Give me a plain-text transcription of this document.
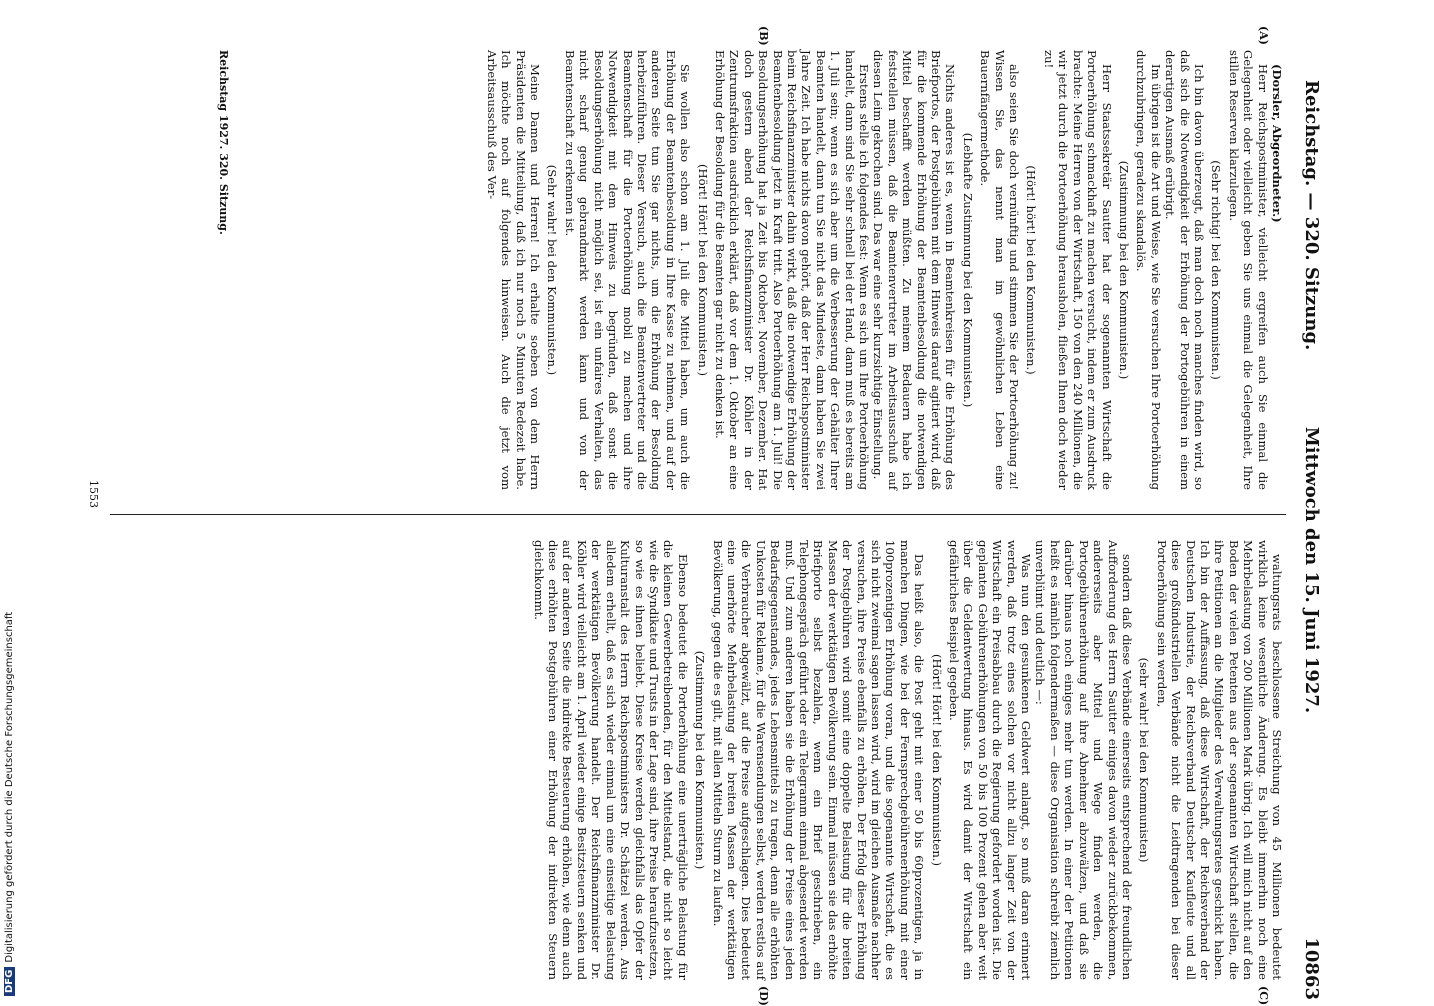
Reichstag. — 320. Sitzung.
Mittwoch den 15. Juni 1927.
10863
(A)
(B)
(C)
(D)

(Dorsler, Abgeordneter.)

Herr Reichspostminister, vielleicht ergreifen auch Sie einmal die Gelegenheit oder vielleicht geben Sie uns einmal die Gelegenheit, Ihre stillen Reserven klarzulegen.

(Sehr richtig! bei den Kommunisten.)

Ich bin davon überzeugt, daß man doch noch manches finden wird, so daß sich die Notwendigkeit der Erhöhung der Portogebühren in einem derartigen Ausmaß erübrigt.

Im übrigen ist die Art und Weise, wie Sie versuchen Ihre Portoerhöhung durchzubringen, geradezu skandalös.

(Zustimmung bei den Kommunisten.)

Herr Staatssekretär Sautter hat der sogenannten Wirtschaft die Portoerhöhung schmackhaft zu machen versucht, indem er zum Ausdruck brachte: Meine Herren von der Wirtschaft, 150 von den 240 Millionen, die wir jetzt durch die Portoerhöhung herausholen, fließen Ihnen doch wieder zu!

(Hört! hört! bei den Kommunisten.)

also seien Sie doch vernünftig und stimmen Sie der Portoerhöhung zu! Wissen Sie, das nennt man im gewöhnlichen Leben eine Bauernfängermethode.

(Lebhafte Zustimmung bei den Kommunisten.)

Nichts anderes ist es, wenn in Beamtenkreisen für die Erhöhung des Briefportos, der Postgebühren mit dem Hinweis darauf agitiert wird, daß für die kommende Erhöhung der Beamtenbesoldung die notwendigen Mittel beschafft werden müßten. Zu meinem Bedauern habe ich feststellen müssen, daß die Beamtenvertreter im Arbeitsausschuß auf diesen Leim gekrochen sind. Das war eine sehr kurzsichtige Einstellung.

Erstens stelle ich folgendes fest: Wenn es sich um Ihre Portoerhöhung handelt, dann sind Sie sehr schnell bei der Hand, dann muß es bereits am 1. Juli sein; wenn es sich aber um die Verbesserung der Gehälter Ihrer Beamten handelt, dann tun Sie nicht das Mindeste, dann haben Sie zwei Jahre Zeit. Ich habe nichts davon gehört, daß der Herr Reichspostminister beim Reichsfinanzminister dahin wirkt, daß die notwendige Erhöhung der Beamtenbesoldung jetzt in Kraft tritt. Also Portoerhöhung am 1. Juli! Die Besoldungserhöhung hat ja Zeit bis Oktober, November, Dezember. Hat doch gestern abend der Reichsfinanzminister Dr. Köhler in der Zentrumsfraktion ausdrücklich erklärt, daß vor dem 1. Oktober an eine Erhöhung der Besoldung für die Beamten gar nicht zu denken ist.

(Hört! Hört! bei den Kommunisten.)

Sie wollen also schon am 1. Juli die Mittel haben, um auch die Erhöhung der Beamtenbesoldung in Ihre Kasse zu nehmen, und auf der anderen Seite tun Sie gar nichts, um die Erhöhung der Besoldung herbeizuführen. Dieser Versuch, auch die Beamtenvertreter und die Beamtenschaft für die Portoerhöhung mobil zu machen und ihre Notwendigkeit mit dem Hinweis zu begründen, daß sonst die Besoldungserhöhung nicht möglich sei, ist ein unfaires Verhalten, das nicht scharf genug gebrandmarkt werden kann und von der Beamtenschaft zu erkennen ist.

(Sehr wahr! bei den Kommunisten.)

Meine Damen und Herren! Ich erhalte soeben von dem Herrn Präsidenten die Mitteilung, daß ich nur noch 5 Minuten Redezeit habe. Ich möchte noch auf folgendes hinweisen. Auch die jetzt vom Arbeitsausschuß des Ver-

waltungsrats beschlossene Streichung von 45 Millionen bedeutet wirklich keine wesentliche Änderung. Es bleibt immerhin noch eine Mehrbelastung von 200 Millionen Mark übrig. Ich will mich nicht auf den Boden der vielen Petenten aus der sogenannten Wirtschaft stellen, die ihre Petitionen an die Mitglieder des Verwaltungsrates geschickt haben. Ich bin der Auffassung, daß diese Wirtschaft, der Reichsverband der Deutschen Industrie, der Reichsverband Deutscher Kaufleute und all diese großindustriellen Verbände nicht die Leidtragenden bei dieser Portoerhöhung sein werden,

(sehr wahr! bei den Kommunisten)

sondern daß diese Verbände einerseits entsprechend der freundlichen Aufforderung des Herrn Sautter einiges davon wieder zurückbekommen, andererseits aber Mittel und Wege finden werden, die Portogebührenerhöhung auf ihre Abnehmer abzuwälzen, und daß sie darüber hinaus noch einiges mehr tun werden. In einer der Petitionen heißt es nämlich folgendermaßen — diese Organisation schreibt ziemlich unverblümt und deutlich —:

Was nun den gesunkenen Geldwert anlangt, so muß daran erinnert werden, daß trotz eines solchen vor nicht allzu langer Zeit von der Wirtschaft ein Preisabbau durch die Regierung gefordert worden ist. Die geplanten Gebührenerhöhungen von 50 bis 100 Prozent gehen aber weit über die Geldentwertung hinaus. Es wird damit der Wirtschaft ein gefährliches Beispiel gegeben.

(Hört! Hört! bei den Kommunisten.)

Das heißt also, die Post geht mit einer 50 bis 60prozentigen, ja in manchen Dingen, wie bei der Fernsprechgebührenerhöhung mit einer 100prozentigen Erhöhung voran, und die sogenannte Wirtschaft, die es sich nicht zweimal sagen lassen wird, wird im gleichen Ausmaße nachher versuchen, ihre Preise ebenfalls zu erhöhen. Der Erfolg dieser Erhöhung der Postgebühren wird somit eine doppelte Belastung für die breiten Massen der werktätigen Bevölkerung sein. Einmal müssen sie das erhöhte Briefporto selbst bezahlen, wenn ein Brief geschrieben, ein Telephongespräch geführt oder ein Telegramm einmal abgesendet werden muß. Und zum anderen haben sie die Erhöhung der Preise eines jeden Bedarfsgegenstandes, jedes Lebensmittels zu tragen, denn alle erhöhten Unkosten für Reklame, für die Warensendungen selbst, werden restlos auf die Verbraucher abgewälzt, auf die Preise aufgeschlagen. Dies bedeutet eine unerhörte Mehrbelastung der breiten Massen der werktätigen Bevölkerung, gegen die es gilt, mit allen Mitteln Sturm zu laufen.

(Zustimmung bei den Kommunisten.)

Ebenso bedeutet die Portoerhöhung eine unerträgliche Belastung für die kleinen Gewerbetreibenden, für den Mittelstand, die nicht so leicht wie die Syndikate und Trusts in der Lage sind, ihre Preise heraufzusetzen, so wie es ihnen beliebt. Diese Kreise werden gleichfalls das Opfer der Kulturanstalt des Herrn Reichspostministers Dr. Schätzel werden. Aus alledem erhellt, daß es sich wieder einmal um eine einseitige Belastung der werktätigen Bevölkerung handelt. Der Reichsfinanzminister Dr. Köhler wird vielleicht am 1. April wieder einige Besitzsteuern senken und auf der anderen Seite die indirekte Besteuerung erhöhen, wie denn auch diese erhöhten Postgebühren einer Erhöhung der indirekten Steuern gleichkommt.

Reichstag 1927. 320. Sitzung.
1553
DFGDigitalisierung gefördert durch die Deutsche Forschungsgemeinschaft
